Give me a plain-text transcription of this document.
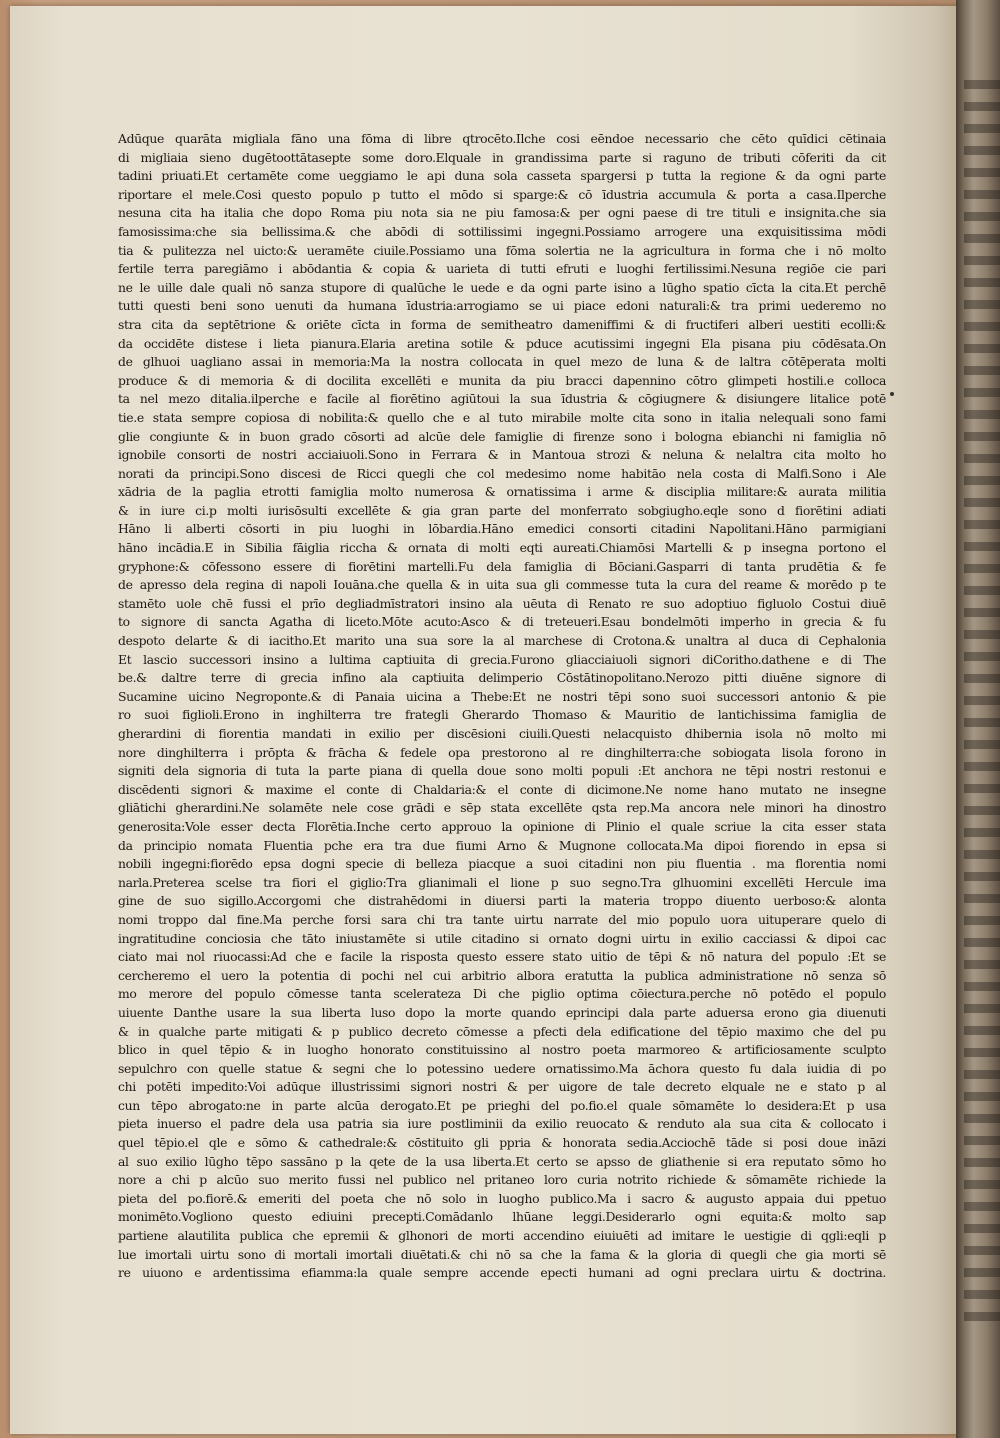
Adūque quarāta migliala fāno una fōma di libre qtrocēto.Ilche cosi eēndoe necessario che cēto quīdici cētinaia
di migliaia sieno dugētoottātasepte some doro.Elquale in grandissima parte si raguno de tributi cōferiti da cit
tadini priuati.Et certamēte come ueggiamo le api duna sola casseta spargersi p tutta la regione & da ogni parte
riportare el mele.Cosi questo populo p tutto el mōdo si sparge:& cō īdustria accumula & porta a casa.Ilperche
nesuna cita ha italia che dopo Roma piu nota sia ne piu famosa:& per ogni paese di tre tituli e insignita.che sia
famosissima:che sia bellissima.& che abōdi di sottilissimi ingegni.Possiamo arrogere una exquisitissima mōdi
tia & pulitezza nel uicto:& ueramēte ciuile.Possiamo una fōma solertia ne la agricultura in forma che i nō molto
fertile terra paregiāmo i abōdantia & copia & uarieta di tutti efruti e luoghi fertilissimi.Nesuna regiōe cie pari
ne le uille dale quali nō sanza stupore di qualūche le uede e da ogni parte isino a lūgho spatio cīcta la cita.Et perchē
tutti questi beni sono uenuti da humana īdustria:arrogiamo se ui piace edoni naturali:& tra primi uederemo no
stra cita da septētrione & oriēte cīcta in forma de semitheatro dameniffimi & di fructiferi alberi uestiti ecolli:&
da occidēte distese i lieta pianura.Elaria aretina sotile & pduce acutissimi ingegni Ela pisana piu cōdēsata.On
de glhuoi uagliano assai in memoria:Ma la nostra collocata in quel mezo de luna & de laltra cōtēperata molti
produce & di memoria & di docilita excellēti e munita da piu bracci dapennino cōtro glimpeti hostili.e colloca
ta nel mezo ditalia.ilperche e facile al fiorētino agiūtoui la sua īdustria & cōgiugnere & disiungere litalice potē
tie.e stata sempre copiosa di nobilita:& quello che e al tuto mirabile molte cita sono in italia nelequali sono fami
glie congiunte & in buon grado cōsorti ad alcūe dele famiglie di firenze sono i bologna ebianchi ni famiglia nō
ignobile consorti de nostri acciaiuoli.Sono in Ferrara & in Mantoua strozi & neluna & nelaltra cita molto ho
norati da principi.Sono discesi de Ricci quegli che col medesimo nome habitāo nela costa di Malfi.Sono i Ale
xādria de la paglia etrotti famiglia molto numerosa & ornatissima i arme & disciplia militare:& aurata militia
& in iure ci.p molti iurisōsulti excellēte & gia gran parte del monferrato sobgiugho.eqle sono d fiorētini adiati
Hāno li alberti cōsorti in piu luoghi in lōbardia.Hāno emedici consorti citadini Napolitani.Hāno parmigiani
hāno incādia.E in Sibilia fāiglia riccha & ornata di molti eqti aureati.Chiamōsi Martelli & p insegna portono el
gryphone:& cōfessono essere di fiorētini martelli.Fu dela famiglia di Bōciani.Gasparri di tanta prudētia & fe
de apresso dela regina di napoli Iouāna.che quella & in uita sua gli commesse tuta la cura del reame & morēdo p te
stamēto uole chē fussi el prīo degliadmīstratori insino ala uēuta di Renato re suo adoptiuo figluolo Costui diuē
to signore di sancta Agatha di liceto.Mōte acuto:Asco & di treteueri.Esau bondelmōti imperho in grecia & fu
despoto delarte & di iacitho.Et marito una sua sore la al marchese di Crotona.& unaltra al duca di Cephalonia
Et lascio successori insino a lultima captiuita di grecia.Furono gliacciaiuoli signori diCoritho.dathene e di The
be.& daltre terre di grecia infino ala captiuita delimperio Cōstātinopolitano.Nerozo pitti diuēne signore di
Sucamine uicino Negroponte.& di Panaia uicina a Thebe:Et ne nostri tēpi sono suoi successori antonio & pie
ro suoi figlioli.Erono in inghilterra tre frategli Gherardo Thomaso & Mauritio de lantichissima famiglia de
gherardini di fiorentia mandati in exilio per discēsioni ciuili.Questi nelacquisto dhibernia isola nō molto mi
nore dinghilterra i prōpta & frācha & fedele opa prestorono al re dinghilterra:che sobiogata lisola forono in
signiti dela signoria di tuta la parte piana di quella doue sono molti populi :Et anchora ne tēpi nostri restonui e
discēdenti signori & maxime el conte di Chaldaria:& el conte di dicimone.Ne nome hano mutato ne insegne
gliātichi gherardini.Ne solamēte nele cose grādi e sēp stata excellēte qsta rep.Ma ancora nele minori ha dinostro
generosita:Vole esser decta Florētia.Inche certo approuo la opinione di Plinio el quale scriue la cita esser stata
da principio nomata Fluentia pche era tra due fiumi Arno & Mugnone collocata.Ma dipoi fiorendo in epsa si
nobili ingegni:fiorēdo epsa dogni specie di belleza piacque a suoi citadini non piu fluentia . ma florentia nomi
narla.Preterea scelse tra fiori el giglio:Tra glianimali el lione p suo segno.Tra glhuomini excellēti Hercule ima
gine de suo sigillo.Accorgomi che distrahēdomi in diuersi parti la materia troppo diuento uerboso:& alonta
nomi troppo dal fine.Ma perche forsi sara chi tra tante uirtu narrate del mio populo uora uituperare quelo di
ingratitudine conciosia che tāto iniustamēte si utile citadino si ornato dogni uirtu in exilio cacciassi & dipoi cac
ciato mai nol riuocassi:Ad che e facile la risposta questo essere stato uitio de tēpi & nō natura del populo :Et se
cercheremo el uero la potentia di pochi nel cui arbitrio albora eratutta la publica administratione nō senza sō
mo merore del populo cōmesse tanta scelerateza Di che piglio optima cōiectura.perche nō potēdo el populo
uiuente Danthe usare la sua liberta luso dopo la morte quando eprincipi dala parte aduersa erono gia diuenuti
& in qualche parte mitigati & p publico decreto cōmesse a pfecti dela edificatione del tēpio maximo che del pu
blico in quel tēpio & in luogho honorato constituissino al nostro poeta marmoreo & artificiosamente sculpto
sepulchro con quelle statue & segni che lo potessino uedere ornatissimo.Ma āchora questo fu dala iuidia di po
chi potēti impedito:Voi adūque illustrissimi signori nostri & per uigore de tale decreto elquale ne e stato p al
cun tēpo abrogato:ne in parte alcūa derogato.Et pe prieghi del po.fio.el quale sōmamēte lo desidera:Et p usa
pieta inuerso el padre dela usa patria sia iure postliminii da exilio reuocato & renduto ala sua cita & collocato i
quel tēpio.el qle e sōmo & cathedrale:& cōstituito gli ppria & honorata sedia.Acciochē tāde si posi doue ināzi
al suo exilio lūgho tēpo sassāno p la qete de la usa liberta.Et certo se apsso de gliathenie si era reputato sōmo ho
nore a chi p alcūo suo merito fussi nel publico nel pritaneo loro curia notrito richiede & sōmamēte richiede la
pieta del po.fiorē.& emeriti del poeta che nō solo in luogho publico.Ma i sacro & augusto appaia dui ppetuo
monimēto.Vogliono questo ediuini precepti.Comādanlo lhūane leggi.Desiderarlo ogni equita:& molto sap
partiene alautilita publica che epremii & glhonori de morti accendino eiuiuēti ad imitare le uestigie di qgli:eqli p
lue imortali uirtu sono di mortali imortali diuētati.& chi nō sa che la fama & la gloria di quegli che gia morti sē
re uiuono e ardentissima efiamma:la quale sempre accende epecti humani ad ogni preclara uirtu & doctrina.
